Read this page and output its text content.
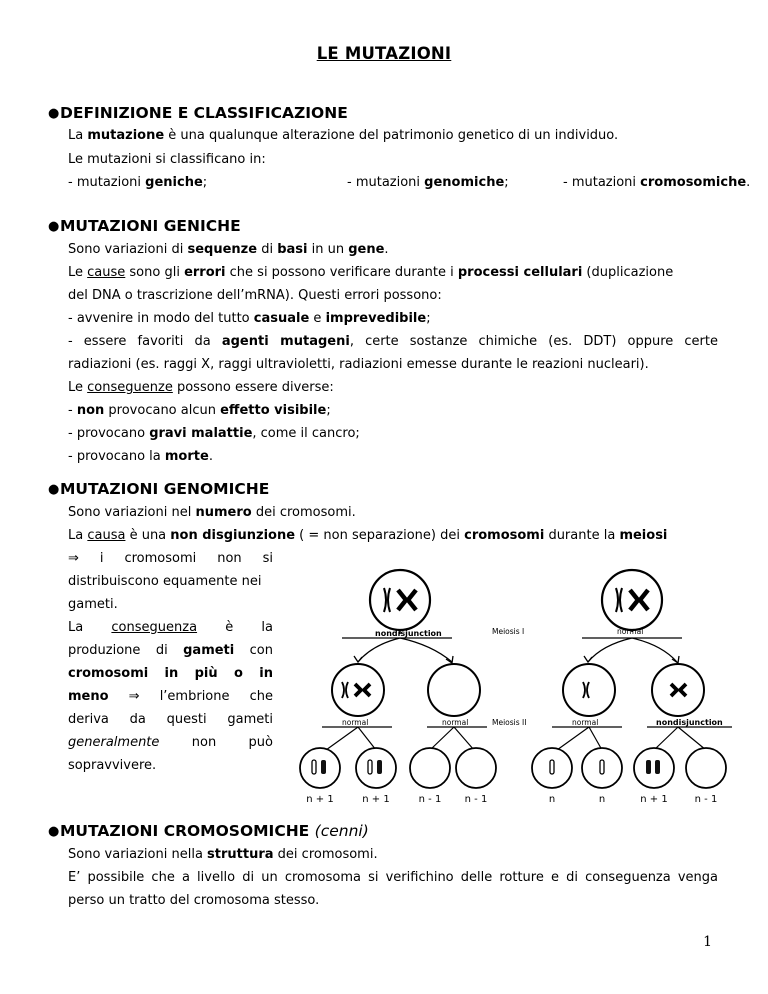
LE MUTAZIONI
●DEFINIZIONE E CLASSIFICAZIONE
La mutazione è una qualunque alterazione del patrimonio genetico di un individuo.
Le mutazioni si classificano in:
- mutazioni geniche;	- mutazioni genomiche;	- mutazioni cromosomiche.
●MUTAZIONI GENICHE
Sono variazioni di sequenze di basi in un gene.
Le cause sono gli errori che si possono verificare durante i processi cellulari (duplicazione
del DNA o trascrizione dell’mRNA). Questi errori possono:
- avvenire in modo del tutto casuale e imprevedibile;
- essere favoriti da agenti mutageni, certe sostanze chimiche (es. DDT) oppure certe
radiazioni (es. raggi X, raggi ultravioletti, radiazioni emesse durante le reazioni nucleari).
Le conseguenze possono essere diverse:
- non provocano alcun effetto visibile;
- provocano gravi malattie, come il cancro;
- provocano la morte.
●MUTAZIONI GENOMICHE
Sono variazioni nel numero dei cromosomi.
La causa è una non disgiunzione ( = non separazione) dei cromosomi durante la meiosi
⇒ i cromosomi non si
distribuiscono equamente nei
gameti.
La conseguenza è la
produzione di gameti con
cromosomi in più o in
meno ⇒ l’embrione che
deriva da questi gameti
generalmente non può
sopravvivere.
nondisjunction	Meiosis I	normal
normal	normal	Meiosis II	normal	nondisjunction
n + 1	n + 1	n - 1 n - 1	n	n	n + 1	n - 1
●MUTAZIONI CROMOSOMICHE (cenni)
Sono variazioni nella struttura dei cromosomi.
E’ possibile che a livello di un cromosoma si verifichino delle rotture e di conseguenza venga
perso un tratto del cromosoma stesso.
1
